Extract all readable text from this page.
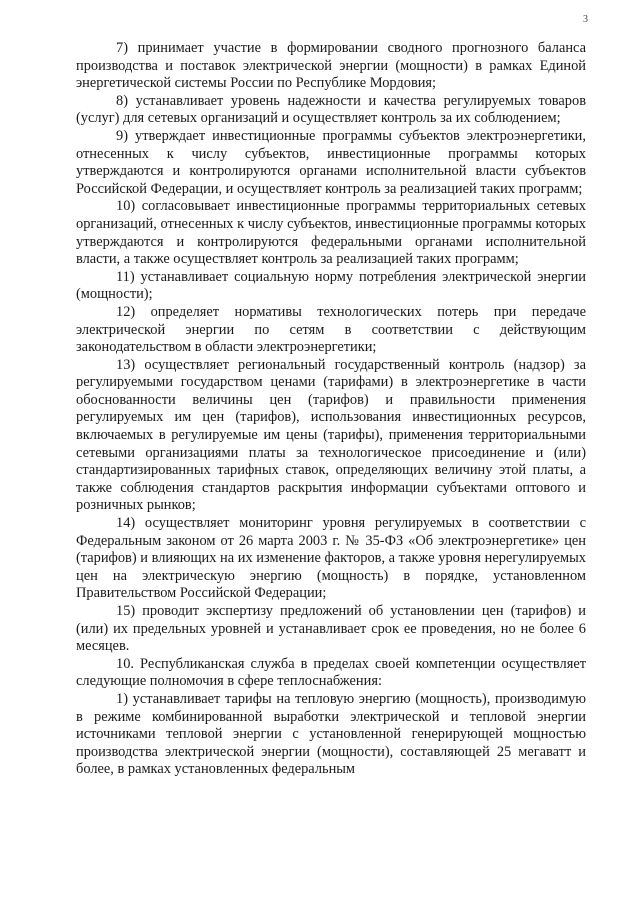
3

7) принимает участие в формировании сводного прогнозного баланса производства и поставок электрической энергии (мощности) в рамках Единой энергетической системы России по Республике Мордовия;

8) устанавливает уровень надежности и качества регулируемых товаров (услуг) для сетевых организаций и осуществляет контроль за их соблюдением;

9) утверждает инвестиционные программы субъектов электроэнергетики, отнесенных к числу субъектов, инвестиционные программы которых утверждаются и контролируются органами исполнительной власти субъектов Российской Федерации, и осуществляет контроль за реализацией таких программ;

10) согласовывает инвестиционные программы территориальных сетевых организаций, отнесенных к числу субъектов, инвестиционные программы которых утверждаются и контролируются федеральными органами исполнительной власти, а также осуществляет контроль за реализацией таких программ;

11) устанавливает социальную норму потребления электрической энергии (мощности);

12) определяет нормативы технологических потерь при передаче электрической энергии по сетям в соответствии с действующим законодательством в области электроэнергетики;

13) осуществляет региональный государственный контроль (надзор) за регулируемыми государством ценами (тарифами) в электроэнергетике в части обоснованности величины цен (тарифов) и правильности применения регулируемых им цен (тарифов), использования инвестиционных ресурсов, включаемых в регулируемые им цены (тарифы), применения территориальными сетевыми организациями платы за технологическое присоединение и (или) стандартизированных тарифных ставок, определяющих величину этой платы, а также соблюдения стандартов раскрытия информации субъектами оптового и розничных рынков;

14) осуществляет мониторинг уровня регулируемых в соответствии с Федеральным законом от 26 марта 2003 г. № 35-ФЗ «Об электроэнергетике» цен (тарифов) и влияющих на их изменение факторов, а также уровня нерегулируемых цен на электрическую энергию (мощность) в порядке, установленном Правительством Российской Федерации;

15) проводит экспертизу предложений об установлении цен (тарифов) и (или) их предельных уровней и устанавливает срок ее проведения, но не более 6 месяцев.

10. Республиканская служба в пределах своей компетенции осуществляет следующие полномочия в сфере теплоснабжения:

1) устанавливает тарифы на тепловую энергию (мощность), производимую в режиме комбинированной выработки электрической и тепловой энергии источниками тепловой энергии с установленной генерирующей мощностью производства электрической энергии (мощности), составляющей 25 мегаватт и более, в рамках установленных федеральным
